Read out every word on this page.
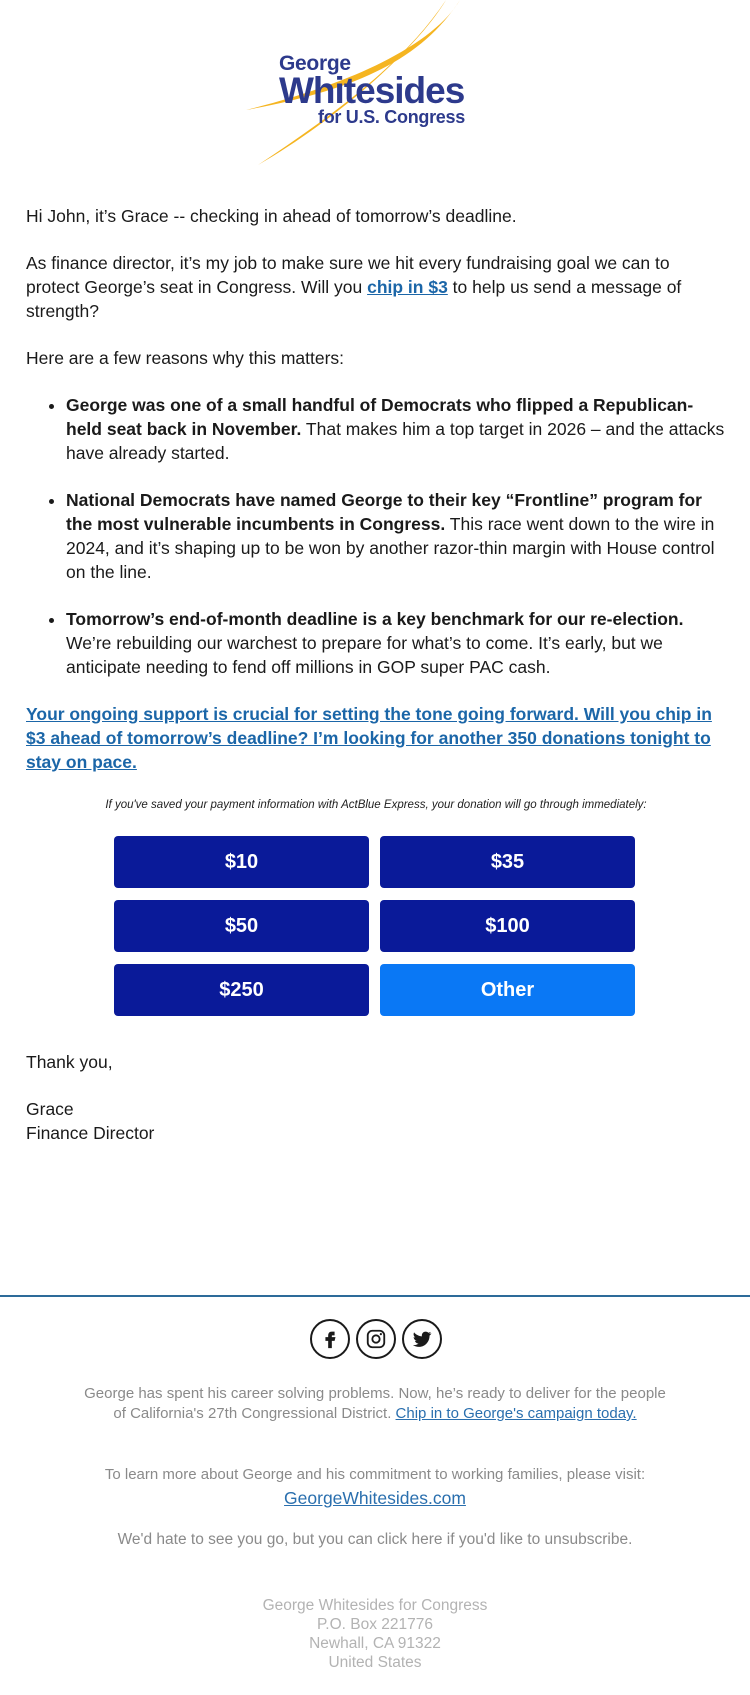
George
Whitesides
for U.S. Congress

Hi John, it’s Grace -- checking in ahead of tomorrow’s deadline.

As finance director, it’s my job to make sure we hit every fundraising goal we can to protect George’s seat in Congress. Will you chip in $3 to help us send a message of strength?

Here are a few reasons why this matters:

• George was one of a small handful of Democrats who flipped a Republican-held seat back in November. That makes him a top target in 2026 – and the attacks have already started.
• National Democrats have named George to their key “Frontline” program for the most vulnerable incumbents in Congress. This race went down to the wire in 2024, and it’s shaping up to be won by another razor-thin margin with House control on the line.
• Tomorrow’s end-of-month deadline is a key benchmark for our re-election. We’re rebuilding our warchest to prepare for what’s to come. It’s early, but we anticipate needing to fend off millions in GOP super PAC cash.

Your ongoing support is crucial for setting the tone going forward. Will you chip in $3 ahead of tomorrow’s deadline? I’m looking for another 350 donations tonight to stay on pace.

If you've saved your payment information with ActBlue Express, your donation will go through immediately:

$10	$35
$50	$100
$250	Other

Thank you,

Grace
Finance Director
George has spent his career solving problems. Now, he’s ready to deliver for the people of California's 27th Congressional District. Chip in to George's campaign today.
To learn more about George and his commitment to working families, please visit:
GeorgeWhitesides.com
We'd hate to see you go, but you can click here if you'd like to unsubscribe.
George Whitesides for Congress
P.O. Box 221776
Newhall, CA 91322
United States
